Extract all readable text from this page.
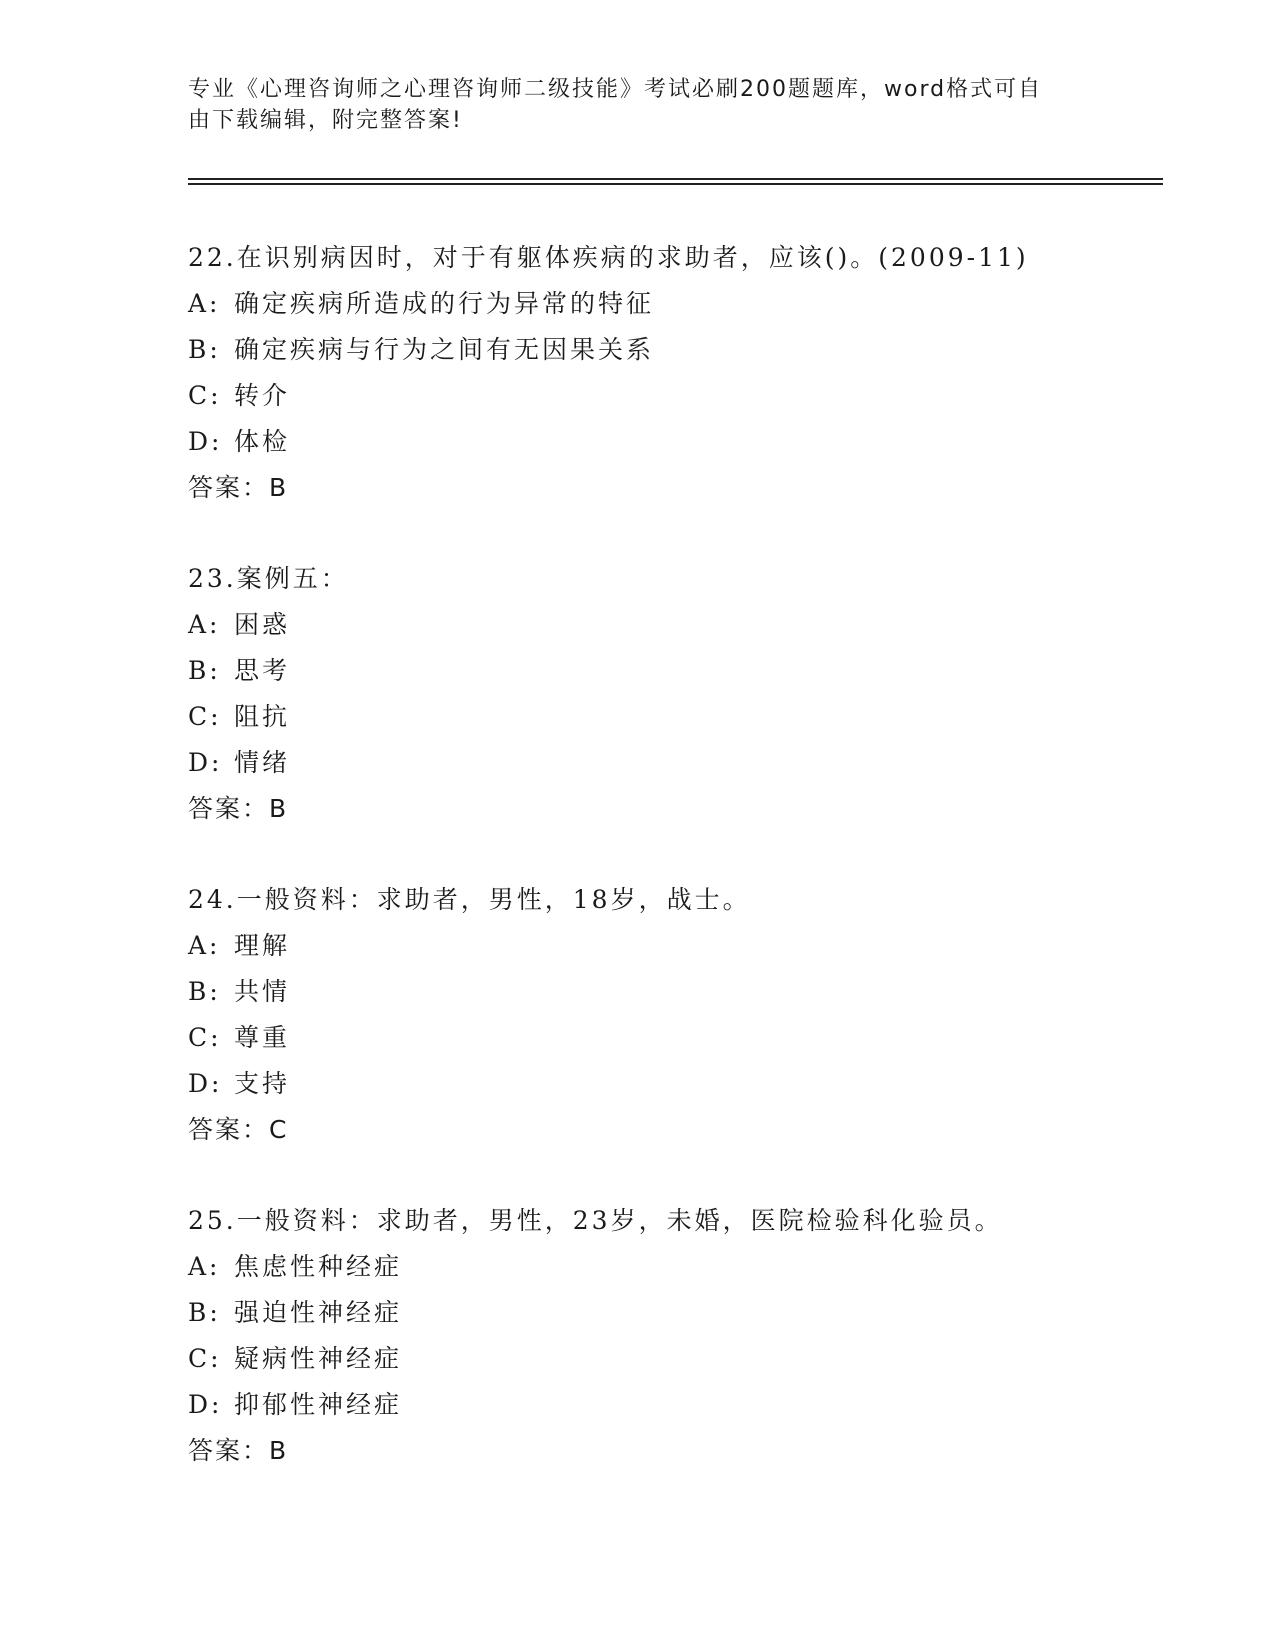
专业《心理咨询师之心理咨询师二级技能》考试必刷200题题库，word格式可自
由下载编辑，附完整答案!
22.在识别病因时，对于有躯体疾病的求助者，应该()。(2009-11)
A: 确定疾病所造成的行为异常的特征
B: 确定疾病与行为之间有无因果关系
C: 转介
D: 体检
答案：B
23.案例五：
A: 困惑
B: 思考
C: 阻抗
D: 情绪
答案：B
24.一般资料：求助者，男性，18岁，战士。
A: 理解
B: 共情
C: 尊重
D: 支持
答案：C
25.一般资料：求助者，男性，23岁，未婚，医院检验科化验员。
A: 焦虑性种经症
B: 强迫性神经症
C: 疑病性神经症
D: 抑郁性神经症
答案：B
